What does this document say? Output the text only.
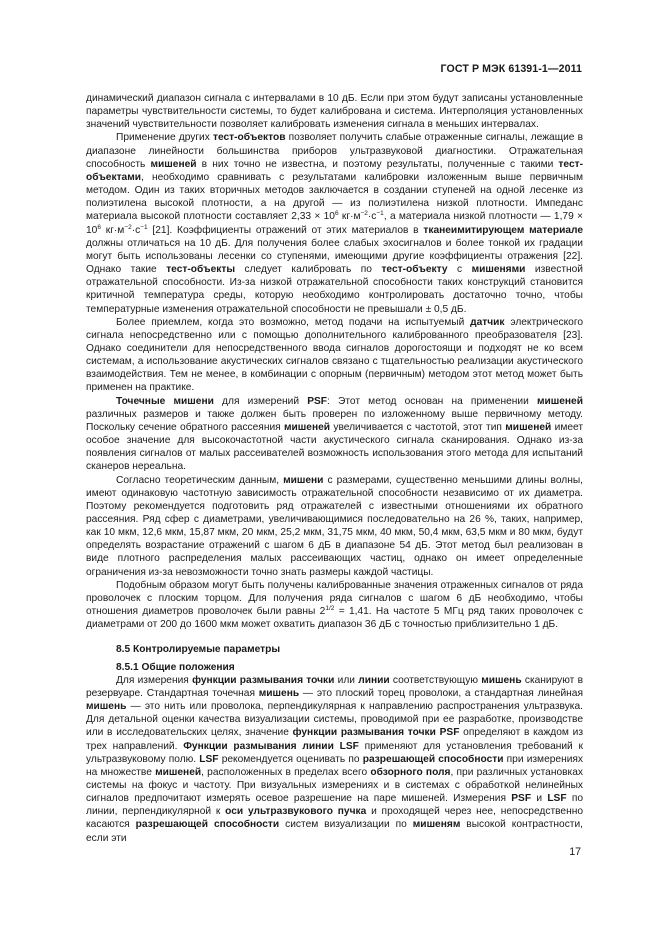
ГОСТ Р МЭК 61391-1—2011

динамический диапазон сигнала с интервалами в 10 дБ. Если при этом будут записаны установленные параметры чувствительности системы, то будет калибрована и система. Интерполяция установленных значений чувствительности позволяет калибровать изменения сигнала в меньших интервалах.

Применение других тест-объектов позволяет получить слабые отраженные сигналы, лежащие в диапазоне линейности большинства приборов ультразвуковой диагностики. Отражательная способность мишеней в них точно не известна, и поэтому результаты, полученные с такими тест-объектами, необходимо сравнивать с результатами калибровки изложенным выше первичным методом. Один из таких вторичных методов заключается в создании ступеней на одной лесенке из полиэтилена высокой плотности, а на другой — из полиэтилена низкой плотности. Импеданс материала высокой плотности составляет $2,33 \times 10^6$ $кг\cdot м^{-2}\cdot с^{-1}$, а материала низкой плотности — $1,79 \times 10^6$ $кг\cdot м^{-2}\cdot с^{-1}$ [21]. Коэффициенты отражений от этих материалов в тканеимитирующем материале должны отличаться на 10 дБ. Для получения более слабых эхосигналов и более тонкой их градации могут быть использованы лесенки со ступенями, имеющими другие коэффициенты отражения [22]. Однако такие тест-объекты следует калибровать по тест-объекту с мишенями известной отражательной способности. Из-за низкой отражательной способности таких конструкций становится критичной температура среды, которую необходимо контролировать достаточно точно, чтобы температурные изменения отражательной способности не превышали ± 0,5 дБ.

Более приемлем, когда это возможно, метод подачи на испытуемый датчик электрического сигнала непосредственно или с помощью дополнительного калиброванного преобразователя [23]. Однако соединители для непосредственного ввода сигналов дорогостоящи и подходят не ко всем системам, а использование акустических сигналов связано с тщательностью реализации акустического взаимодействия. Тем не менее, в комбинации с опорным (первичным) методом этот метод может быть применен на практике.

Точечные мишени для измерений PSF: Этот метод основан на применении мишеней различных размеров и также должен быть проверен по изложенному выше первичному методу. Поскольку сечение обратного рассеяния мишеней увеличивается с частотой, этот тип мишеней имеет особое значение для высокочастотной части акустического сигнала сканирования. Однако из-за появления сигналов от малых рассеивателей возможность использования этого метода для испытаний сканеров нереальна.

Согласно теоретическим данным, мишени с размерами, существенно меньшими длины волны, имеют одинаковую частотную зависимость отражательной способности независимо от их диаметра. Поэтому рекомендуется подготовить ряд отражателей с известными отношениями их обратного рассеяния. Ряд сфер с диаметрами, увеличивающимися последовательно на 26 %, таких, например, как 10 мкм, 12,6 мкм, 15,87 мкм, 20 мкм, 25,2 мкм, 31,75 мкм, 40 мкм, 50,4 мкм, 63,5 мкм и 80 мкм, будут определять возрастание отражений с шагом 6 дБ в диапазоне 54 дБ. Этот метод был реализован в виде плотного распределения малых рассеивающих частиц, однако он имеет определенные ограничения из-за невозможности точно знать размеры каждой частицы.

Подобным образом могут быть получены калиброванные значения отраженных сигналов от ряда проволочек с плоским торцом. Для получения ряда сигналов с шагом 6 дБ необходимо, чтобы отношения диаметров проволочек были равны $2^{1/2} = 1,41$. На частоте 5 МГц ряд таких проволочек с диаметрами от 200 до 1600 мкм может охватить диапазон 36 дБ с точностью приблизительно 1 дБ.

8.5 Контролируемые параметры
8.5.1 Общие положения

Для измерения функции размывания точки или линии соответствующую мишень сканируют в резервуаре. Стандартная точечная мишень — это плоский торец проволоки, а стандартная линейная мишень — это нить или проволока, перпендикулярная к направлению распространения ультразвука. Для детальной оценки качества визуализации системы, проводимой при ее разработке, производстве или в исследовательских целях, значение функции размывания точки PSF определяют в каждом из трех направлений. Функции размывания линии LSF применяют для установления требований к ультразвуковому полю. LSF рекомендуется оценивать по разрешающей способности при измерениях на множестве мишеней, расположенных в пределах всего обзорного поля, при различных установках системы на фокус и частоту. При визуальных измерениях и в системах с обработкой нелинейных сигналов предпочитают измерять осевое разрешение на паре мишеней. Измерения PSF и LSF по линии, перпендикулярной к оси ультразвукового пучка и проходящей через нее, непосредственно касаются разрешающей способности систем визуализации по мишеням высокой контрастности, если эти

17
